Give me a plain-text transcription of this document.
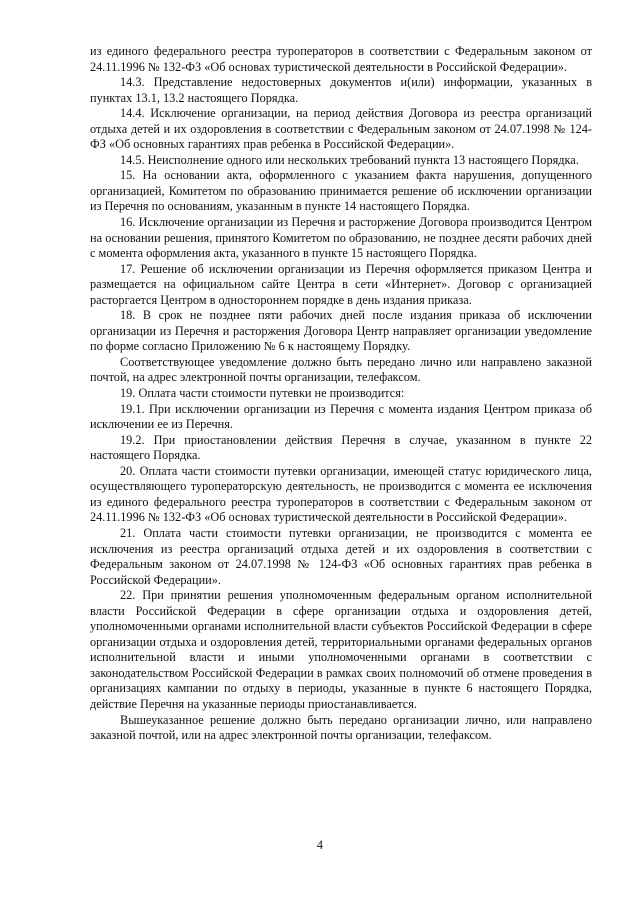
из единого федерального реестра туроператоров в соответствии с Федеральным законом от 24.11.1996 № 132-ФЗ «Об основах туристической деятельности в Российской Федерации».

14.3. Представление недостоверных документов и(или) информации, указанных в пунктах 13.1, 13.2 настоящего Порядка.

14.4. Исключение организации, на период действия Договора из реестра организаций отдыха детей и их оздоровления в соответствии с Федеральным законом от 24.07.1998 № 124-ФЗ «Об основных гарантиях прав ребенка в Российской Федерации».

14.5. Неисполнение одного или нескольких требований пункта 13 настоящего Порядка.

15. На основании акта, оформленного с указанием факта нарушения, допущенного организацией, Комитетом по образованию принимается решение об исключении организации из Перечня по основаниям, указанным в пункте 14 настоящего Порядка.

16. Исключение организации из Перечня и расторжение Договора производится Центром на основании решения, принятого Комитетом по образованию, не позднее десяти рабочих дней с момента оформления акта, указанного в пункте 15 настоящего Порядка.

17. Решение об исключении организации из Перечня оформляется приказом Центра и размещается на официальном сайте Центра в сети «Интернет». Договор с организацией расторгается Центром в одностороннем порядке в день издания приказа.

18. В срок не позднее пяти рабочих дней после издания приказа об исключении организации из Перечня и расторжения Договора Центр направляет организации уведомление по форме согласно Приложению № 6 к настоящему Порядку.

Соответствующее уведомление должно быть передано лично или направлено заказной почтой, на адрес электронной почты организации, телефаксом.

19. Оплата части стоимости путевки не производится:

19.1. При исключении организации из Перечня с момента издания Центром приказа об исключении ее из Перечня.

19.2. При приостановлении действия Перечня в случае, указанном в пункте 22 настоящего Порядка.

20. Оплата части стоимости путевки организации, имеющей статус юридического лица, осуществляющего туроператорскую деятельность, не производится с момента ее исключения из единого федерального реестра туроператоров в соответствии с Федеральным законом от 24.11.1996 № 132-ФЗ «Об основах туристической деятельности в Российской Федерации».

21. Оплата части стоимости путевки организации, не производится с момента ее исключения из реестра организаций отдыха детей и их оздоровления в соответствии с Федеральным законом от 24.07.1998 № 124-ФЗ «Об основных гарантиях прав ребенка в Российской Федерации».

22. При принятии решения уполномоченным федеральным органом исполнительной власти Российской Федерации в сфере организации отдыха и оздоровления детей, уполномоченными органами исполнительной власти субъектов Российской Федерации в сфере организации отдыха и оздоровления детей, территориальными органами федеральных органов исполнительной власти и иными уполномоченными органами в соответствии с законодательством Российской Федерации в рамках своих полномочий об отмене проведения в организациях кампании по отдыху в периоды, указанные в пункте 6 настоящего Порядка, действие Перечня на указанные периоды приостанавливается.

Вышеуказанное решение должно быть передано организации лично, или направлено заказной почтой, или на адрес электронной почты организации, телефаксом.

4
